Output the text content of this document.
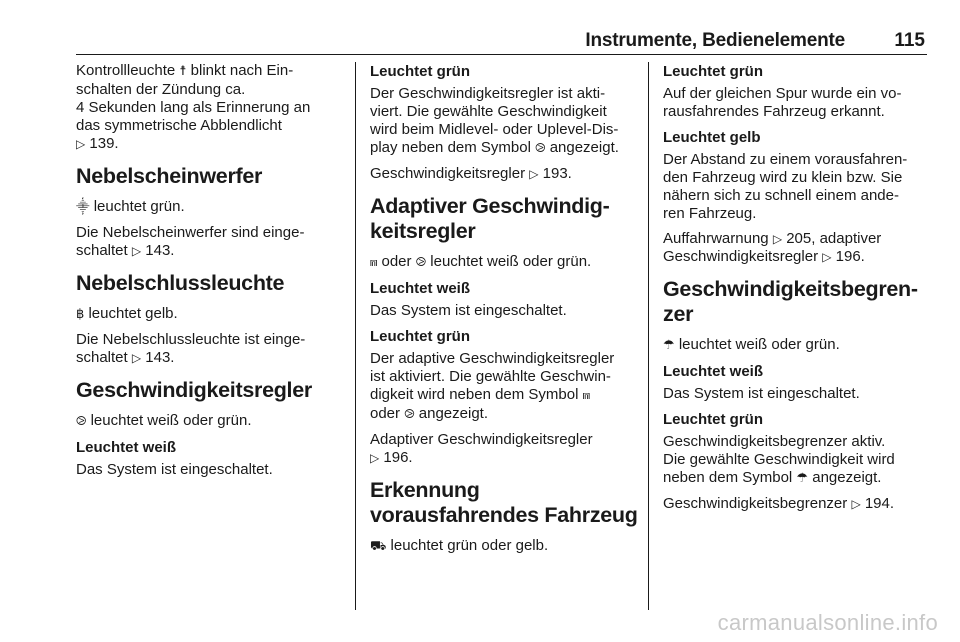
Instrumente, Bedienelemente	115

Kontrollleuchte ☨ blinkt nach Ein-
schalten der Zündung ca.
4 Sekunden lang als Erinnerung an
das symmetrische Abblendlicht
▷ 139.

Nebelscheinwerfer

⸎ leuchtet grün.

Die Nebelscheinwerfer sind einge-
schaltet ▷ 143.

Nebelschlussleuchte

฿ leuchtet gelb.

Die Nebelschlussleuchte ist einge-
schaltet ▷ 143.

Geschwindigkeitsregler

⧁ leuchtet weiß oder grün.

Leuchtet weiß

Das System ist eingeschaltet.

Leuchtet grün

Der Geschwindigkeitsregler ist akti-
viert. Die gewählte Geschwindigkeit
wird beim Midlevel- oder Uplevel-Dis-
play neben dem Symbol ⧁ angezeigt.

Geschwindigkeitsregler ▷ 193.

Adaptiver Geschwindig-
keitsregler

⩎ oder ⧁ leuchtet weiß oder grün.

Leuchtet weiß

Das System ist eingeschaltet.

Leuchtet grün

Der adaptive Geschwindigkeitsregler
ist aktiviert. Die gewählte Geschwin-
digkeit wird neben dem Symbol ⩎
oder ⧁ angezeigt.

Adaptiver Geschwindigkeitsregler
▷ 196.

Erkennung
vorausfahrendes Fahrzeug

⛟ leuchtet grün oder gelb.

Leuchtet grün

Auf der gleichen Spur wurde ein vo-
rausfahrendes Fahrzeug erkannt.

Leuchtet gelb

Der Abstand zu einem vorausfahren-
den Fahrzeug wird zu klein bzw. Sie
nähern sich zu schnell einem ande-
ren Fahrzeug.

Auffahrwarnung ▷ 205, adaptiver
Geschwindigkeitsregler ▷ 196.

Geschwindigkeitsbegren-
zer

☂ leuchtet weiß oder grün.

Leuchtet weiß

Das System ist eingeschaltet.

Leuchtet grün

Geschwindigkeitsbegrenzer aktiv.
Die gewählte Geschwindigkeit wird
neben dem Symbol ☂ angezeigt.

Geschwindigkeitsbegrenzer ▷ 194.

carmanualsonline.info
